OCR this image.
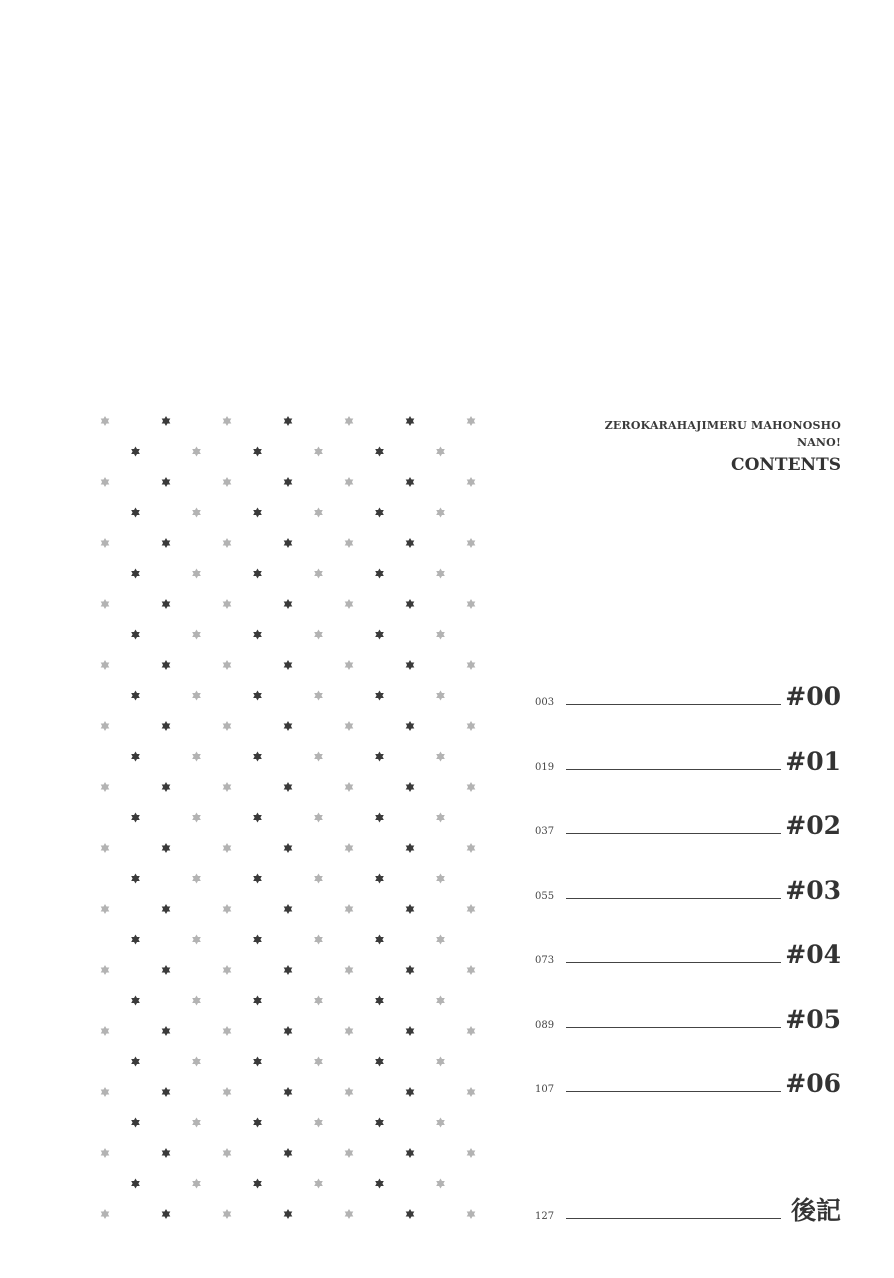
ZEROKARAHAJIMERU MAHONOSHO
NANO!
CONTENTS
003	#00
019	#01
037	#02
055	#03
073	#04
089	#05
107	#06
127	後記
